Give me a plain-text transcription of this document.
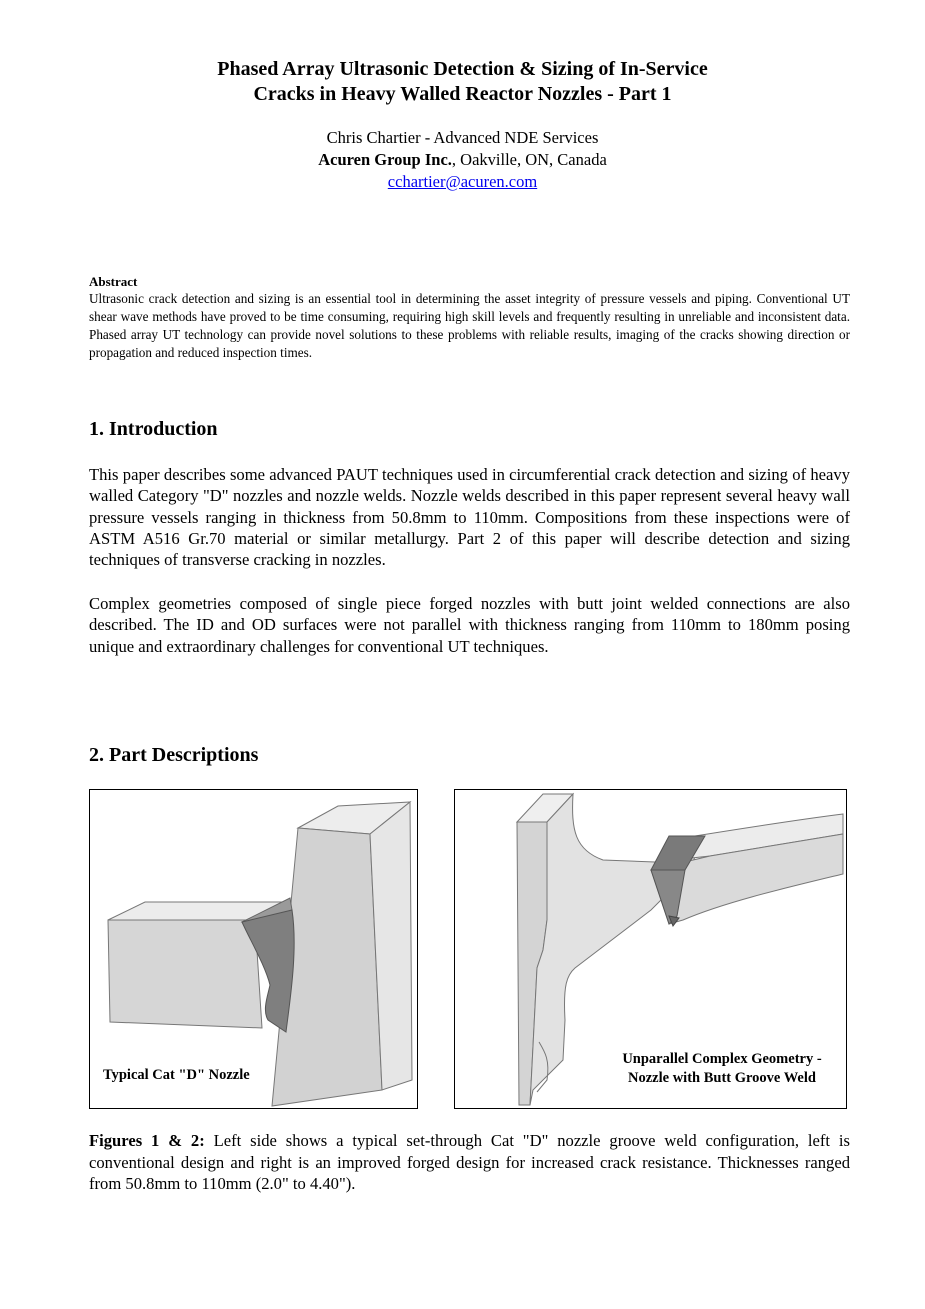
Phased Array Ultrasonic Detection & Sizing of In-Service
Cracks in Heavy Walled Reactor Nozzles - Part 1
Chris Chartier - Advanced NDE Services
Acuren Group Inc., Oakville, ON, Canada
cchartier@acuren.com
Abstract
Ultrasonic crack detection and sizing is an essential tool in determining the asset integrity of pressure vessels and piping. Conventional UT shear wave methods have proved to be time consuming, requiring high skill levels and frequently resulting in unreliable and inconsistent data. Phased array UT technology can provide novel solutions to these problems with reliable results, imaging of the cracks showing direction or propagation and reduced inspection times.
1. Introduction
This paper describes some advanced PAUT techniques used in circumferential crack detection and sizing of heavy walled Category "D" nozzles and nozzle welds. Nozzle welds described in this paper represent several heavy wall pressure vessels ranging in thickness from 50.8mm to 110mm. Compositions from these inspections were of ASTM A516 Gr.70 material or similar metallurgy. Part 2 of this paper will describe detection and sizing techniques of transverse cracking in nozzles.
Complex geometries composed of single piece forged nozzles with butt joint welded connections are also described. The ID and OD surfaces were not parallel with thickness ranging from 110mm to 180mm posing unique and extraordinary challenges for conventional UT techniques.
2. Part Descriptions
Typical Cat "D" Nozzle
Unparallel Complex Geometry -
Nozzle with Butt Groove Weld
Figures 1 & 2: Left side shows a typical set-through Cat "D" nozzle groove weld configuration, left is conventional design and right is an improved forged design for increased crack resistance. Thicknesses ranged from 50.8mm to 110mm (2.0" to 4.40").
